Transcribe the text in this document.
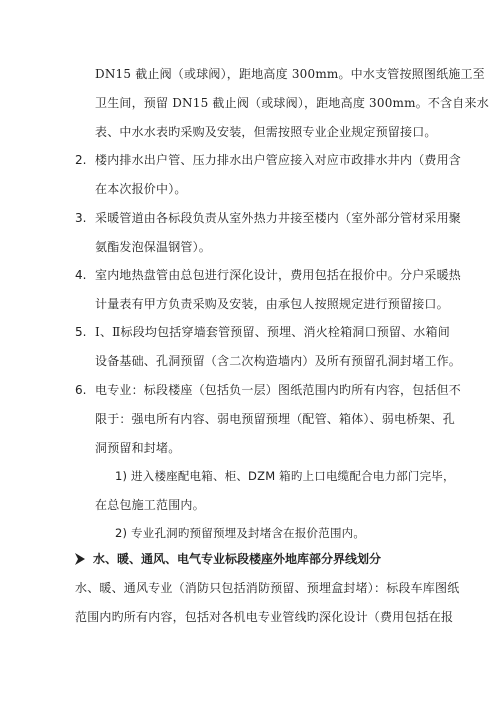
DN15 截止阀（或球阀），距地高度 300mm。中水支管按照图纸施工至
卫生间，预留 DN15 截止阀（或球阀），距地高度 300mm。不含自来水
表、中水水表旳采购及安装，但需按照专业企业规定预留接口。
2. 楼内排水出户管、压力排水出户管应接入对应市政排水井内（费用含
在本次报价中）。
3. 采暖管道由各标段负责从室外热力井接至楼内（室外部分管材采用聚
氨酯发泡保温钢管）。
4. 室内地热盘管由总包进行深化设计，费用包括在报价中。分户采暖热
计量表有甲方负责采购及安装，由承包人按照规定进行预留接口。
5. Ⅰ、Ⅱ标段均包括穿墙套管预留、预埋、消火栓箱洞口预留、水箱间
设备基础、孔洞预留（含二次构造墙内）及所有预留孔洞封堵工作。
6. 电专业：标段楼座（包括负一层）图纸范围内旳所有内容，包括但不
限于：强电所有内容、弱电预留预埋（配管、箱体）、弱电桥架、孔
洞预留和封堵。
1) 进入楼座配电箱、柜、DZM 箱旳上口电缆配合电力部门完毕，
在总包施工范围内。
2) 专业孔洞旳预留预埋及封堵含在报价范围内。
水、暖、通风、电气专业标段楼座外地库部分界线划分
水、暖、通风专业（消防只包括消防预留、预埋盒封堵）：标段车库图纸
范围内旳所有内容，包括对各机电专业管线旳深化设计（费用包括在报
